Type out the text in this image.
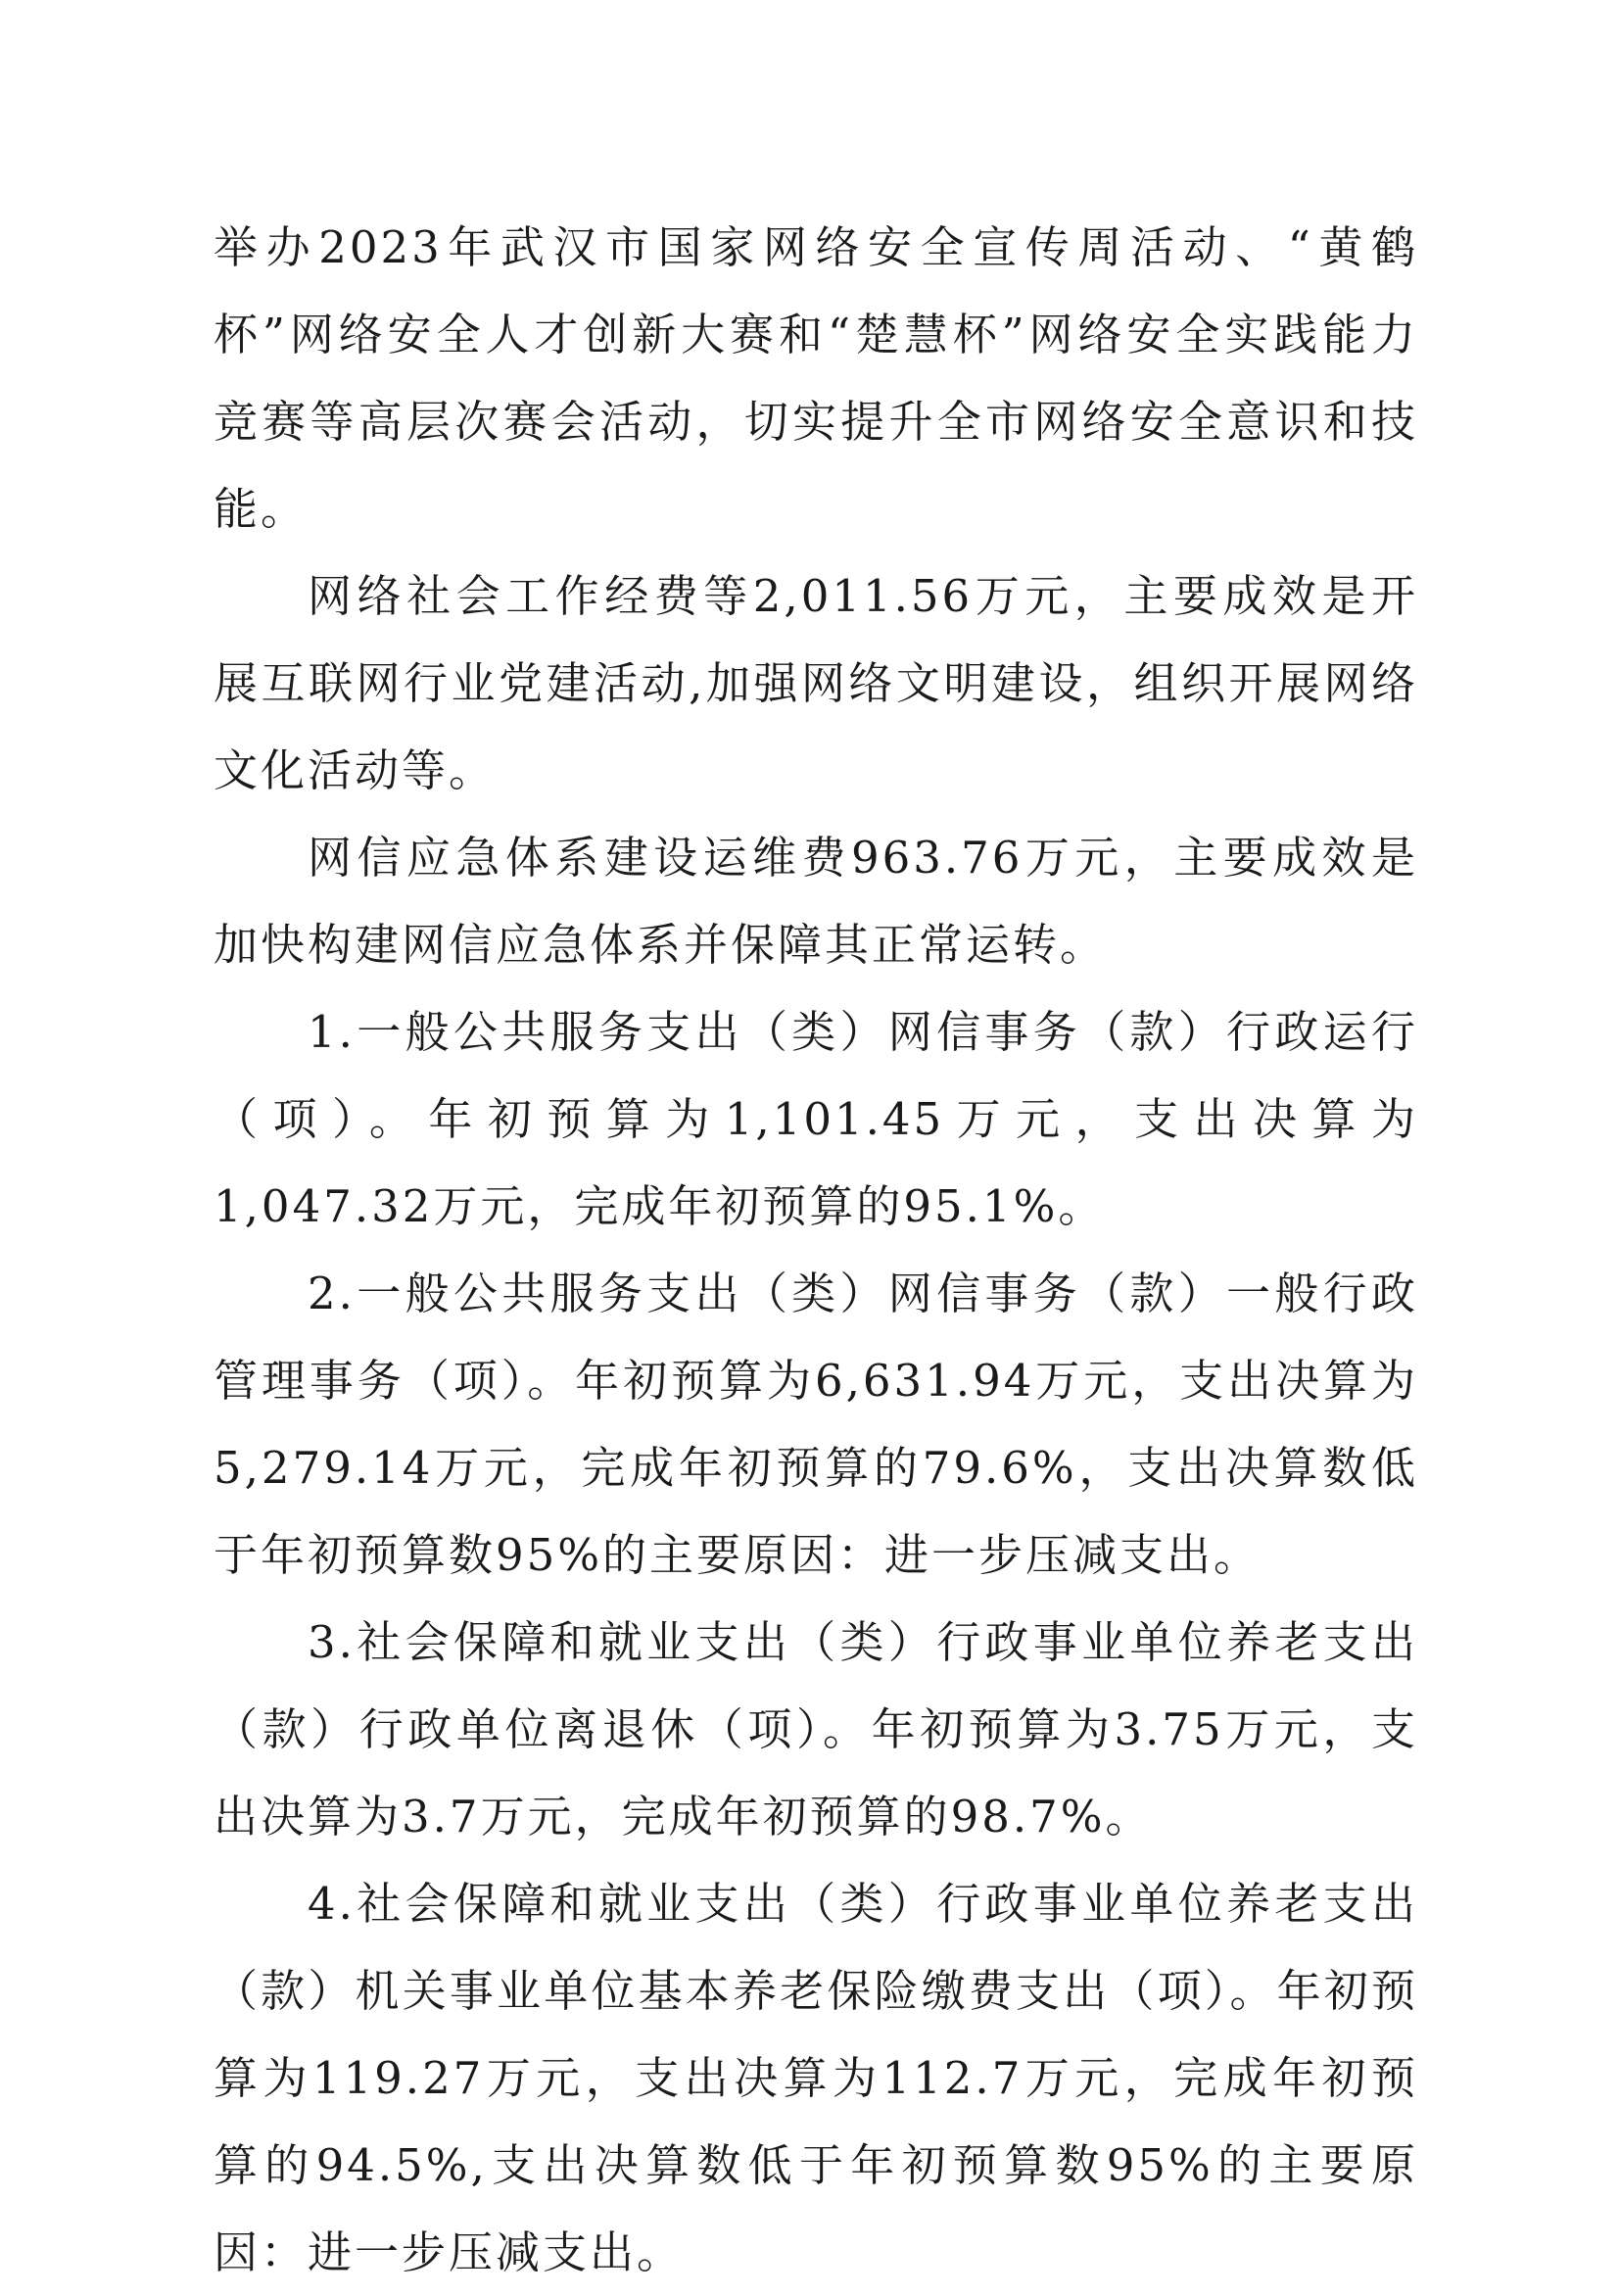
举办2023年武汉市国家网络安全宣传周活动、“黄鹤杯”网络安全人才创新大赛和“楚慧杯”网络安全实践能力竞赛等高层次赛会活动，切实提升全市网络安全意识和技能。

网络社会工作经费等2,011.56万元，主要成效是开展互联网行业党建活动,加强网络文明建设，组织开展网络文化活动等。

网信应急体系建设运维费963.76万元，主要成效是加快构建网信应急体系并保障其正常运转。

1.一般公共服务支出（类）网信事务（款）行政运行（项）。年初预算为1,101.45万元，支出决算为1,047.32万元，完成年初预算的95.1%。

2.一般公共服务支出（类）网信事务（款）一般行政管理事务（项）。年初预算为6,631.94万元，支出决算为5,279.14万元，完成年初预算的79.6%，支出决算数低于年初预算数95%的主要原因：进一步压减支出。

3.社会保障和就业支出（类）行政事业单位养老支出（款）行政单位离退休（项）。年初预算为3.75万元，支出决算为3.7万元，完成年初预算的98.7%。

4.社会保障和就业支出（类）行政事业单位养老支出（款）机关事业单位基本养老保险缴费支出（项）。年初预算为119.27万元，支出决算为112.7万元，完成年初预算的94.5%,支出决算数低于年初预算数95%的主要原因：进一步压减支出。
